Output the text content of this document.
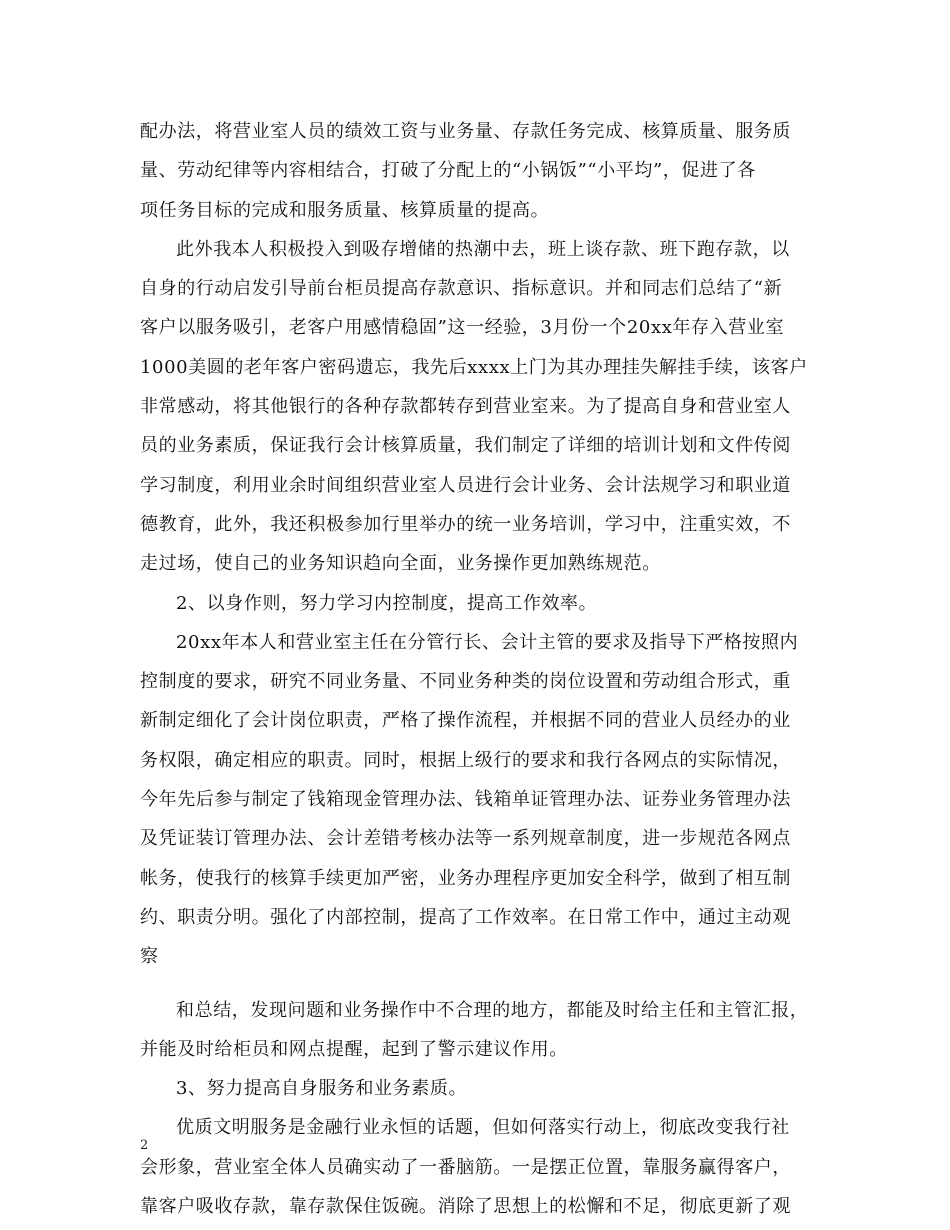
配办法，将营业室人员的绩效工资与业务量、存款任务完成、核算质量、服务质
量、劳动纪律等内容相结合，打破了分配上的“小锅饭”“小平均”，促进了各
项任务目标的完成和服务质量、核算质量的提高。
此外我本人积极投入到吸存增储的热潮中去，班上谈存款、班下跑存款，以
自身的行动启发引导前台柜员提高存款意识、指标意识。并和同志们总结了“新
客户以服务吸引，老客户用感情稳固”这一经验，3月份一个20xx年存入营业室
1000美圆的老年客户密码遗忘，我先后xxxx上门为其办理挂失解挂手续，该客户
非常感动，将其他银行的各种存款都转存到营业室来。为了提高自身和营业室人
员的业务素质，保证我行会计核算质量，我们制定了详细的培训计划和文件传阅
学习制度，利用业余时间组织营业室人员进行会计业务、会计法规学习和职业道
德教育，此外，我还积极参加行里举办的统一业务培训，学习中，注重实效，不
走过场，使自己的业务知识趋向全面，业务操作更加熟练规范。
2、以身作则，努力学习内控制度，提高工作效率。
20xx年本人和营业室主任在分管行长、会计主管的要求及指导下严格按照内
控制度的要求，研究不同业务量、不同业务种类的岗位设置和劳动组合形式，重
新制定细化了会计岗位职责，严格了操作流程，并根据不同的营业人员经办的业
务权限，确定相应的职责。同时，根据上级行的要求和我行各网点的实际情况，
今年先后参与制定了钱箱现金管理办法、钱箱单证管理办法、证券业务管理办法
及凭证装订管理办法、会计差错考核办法等一系列规章制度，进一步规范各网点
帐务，使我行的核算手续更加严密，业务办理程序更加安全科学，做到了相互制
约、职责分明。强化了内部控制，提高了工作效率。在日常工作中，通过主动观
察
和总结，发现问题和业务操作中不合理的地方，都能及时给主任和主管汇报，
并能及时给柜员和网点提醒，起到了警示建议作用。
3、努力提高自身服务和业务素质。
优质文明服务是金融行业永恒的话题，但如何落实行动上，彻底改变我行社
会形象，营业室全体人员确实动了一番脑筋。一是摆正位置，靠服务赢得客户，
靠客户吸收存款，靠存款保住饭碗。消除了思想上的松懈和不足，彻底更新了观
2
